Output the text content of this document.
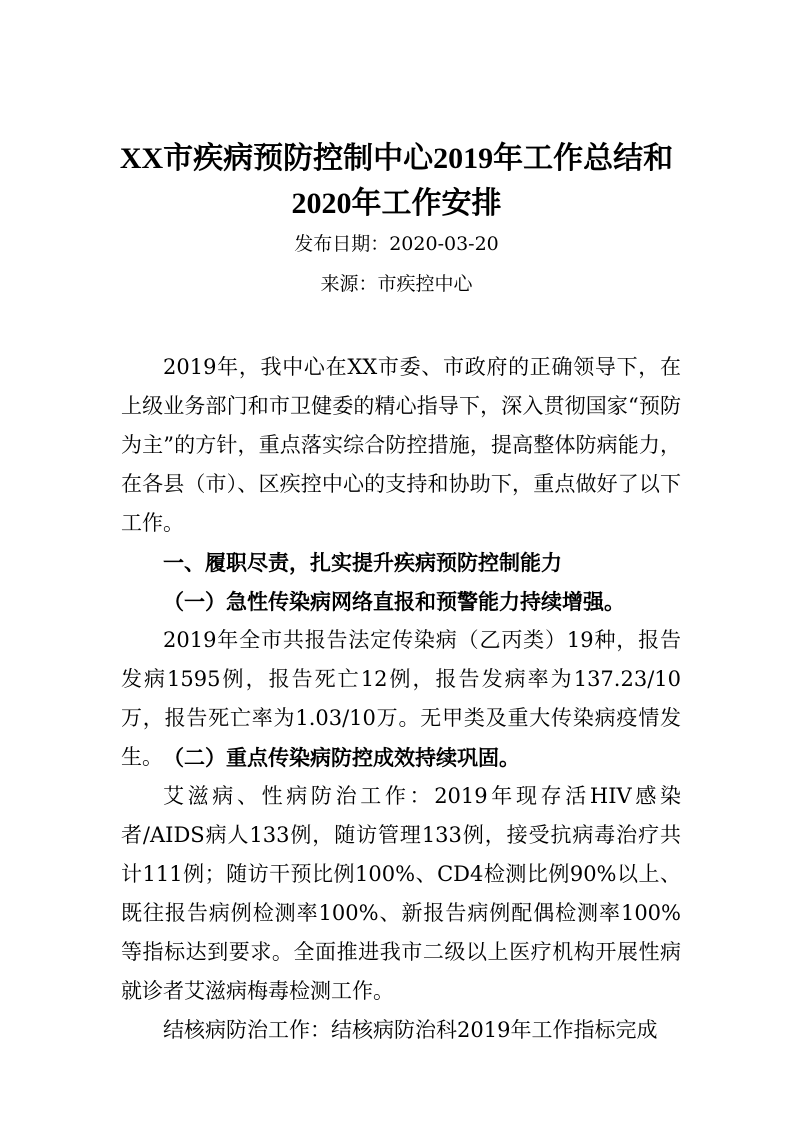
XX市疾病预防控制中心2019年工作总结和
2020年工作安排

发布日期：2020-03-20

来源：市疾控中心

2019年，我中心在XX市委、市政府的正确领导下，在上级业务部门和市卫健委的精心指导下，深入贯彻国家“预防为主”的方针，重点落实综合防控措施，提高整体防病能力，在各县（市）、区疾控中心的支持和协助下，重点做好了以下工作。

一、履职尽责，扎实提升疾病预防控制能力

（一）急性传染病网络直报和预警能力持续增强。

2019年全市共报告法定传染病（乙丙类）19种，报告发病1595例，报告死亡12例，报告发病率为137.23/10万，报告死亡率为1.03/10万。无甲类及重大传染病疫情发生。 （二）重点传染病防控成效持续巩固。

艾滋病、性病防治工作：2019年现存活HIV感染者/AIDS病人133例，随访管理133例，接受抗病毒治疗共计111例；随访干预比例100%、CD4检测比例90%以上、既往报告病例检测率100%、新报告病例配偶检测率100%等指标达到要求。全面推进我市二级以上医疗机构开展性病就诊者艾滋病梅毒检测工作。

结核病防治工作：结核病防治科2019年工作指标完成
